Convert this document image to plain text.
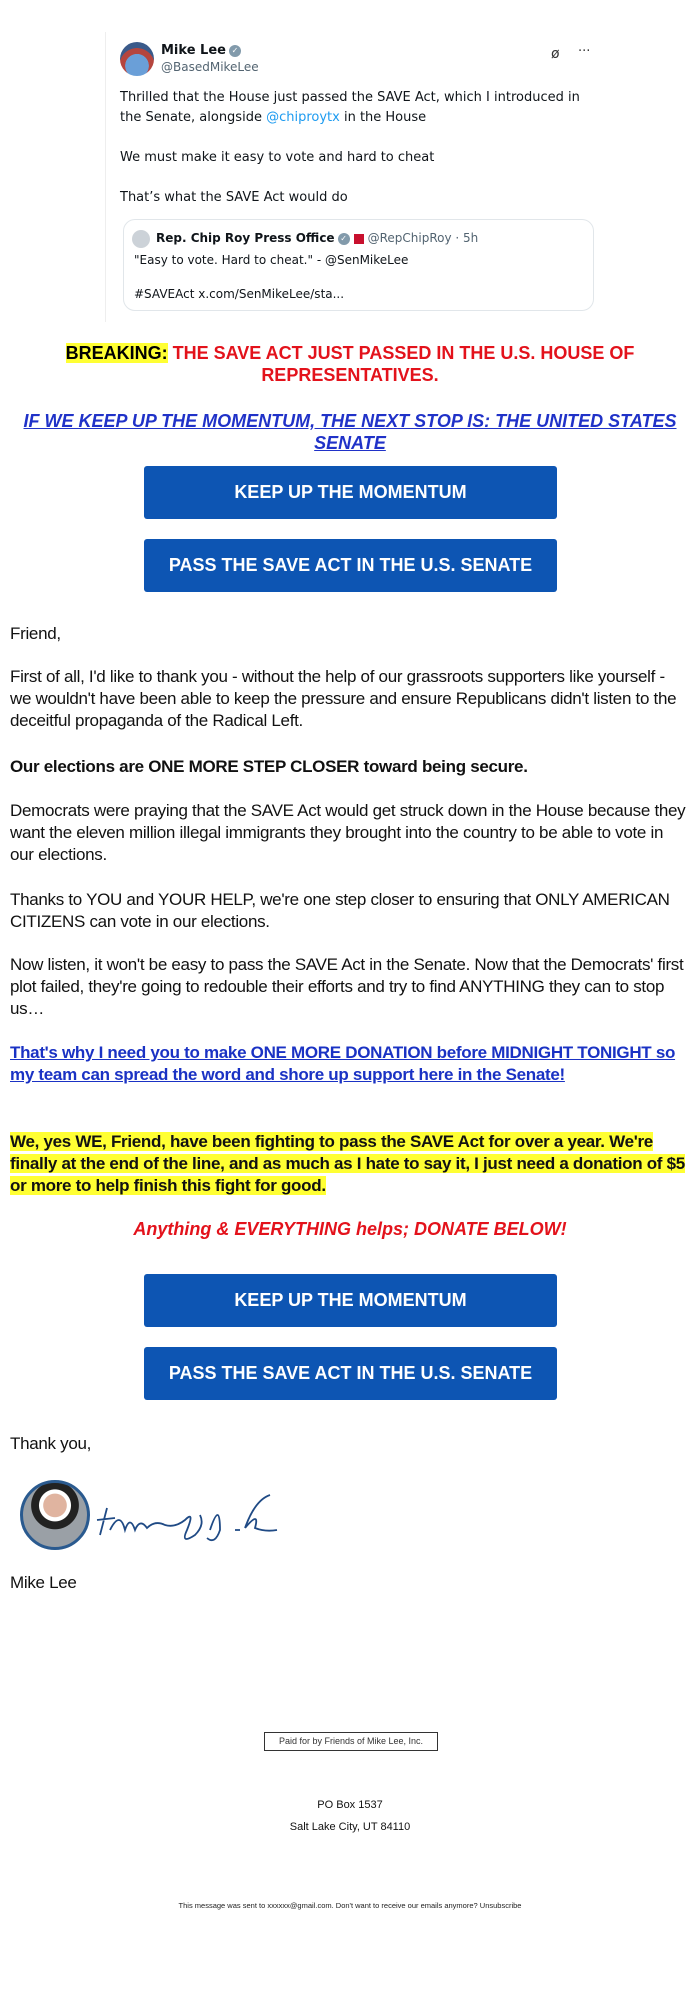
Mike Lee ✓
@BasedMikeLee
ø ···

Thrilled that the House just passed the SAVE Act, which I introduced in the Senate, alongside @chiproytx in the House

We must make it easy to vote and hard to cheat

That’s what the SAVE Act would do

Rep. Chip Roy Press Office ✓ @RepChipRoy · 5h
"Easy to vote. Hard to cheat." - @SenMikeLee
#SAVEAct x.com/SenMikeLee/sta...
BREAKING: THE SAVE ACT JUST PASSED IN THE U.S. HOUSE OF REPRESENTATIVES.
IF WE KEEP UP THE MOMENTUM, THE NEXT STOP IS: THE UNITED STATES SENATE
KEEP UP THE MOMENTUM
PASS THE SAVE ACT IN THE U.S. SENATE
Friend,
First of all, I'd like to thank you - without the help of our grassroots supporters like yourself - we wouldn't have been able to keep the pressure and ensure Republicans didn't listen to the deceitful propaganda of the Radical Left.
Our elections are ONE MORE STEP CLOSER toward being secure.
Democrats were praying that the SAVE Act would get struck down in the House because they want the eleven million illegal immigrants they brought into the country to be able to vote in our elections.
Thanks to YOU and YOUR HELP, we're one step closer to ensuring that ONLY AMERICAN CITIZENS can vote in our elections.
Now listen, it won't be easy to pass the SAVE Act in the Senate. Now that the Democrats' first plot failed, they're going to redouble their efforts and try to find ANYTHING they can to stop us…
That's why I need you to make ONE MORE DONATION before MIDNIGHT TONIGHT so my team can spread the word and shore up support here in the Senate!
We, yes WE, Friend, have been fighting to pass the SAVE Act for over a year. We're finally at the end of the line, and as much as I hate to say it, I just need a donation of $5 or more to help finish this fight for good.
Anything & EVERYTHING helps; DONATE BELOW!
KEEP UP THE MOMENTUM
PASS THE SAVE ACT IN THE U.S. SENATE
Thank you,
Mike Lee
Paid for by Friends of Mike Lee, Inc.
PO Box 1537
Salt Lake City, UT 84110
This message was sent to xxxxxx@gmail.com. Don't want to receive our emails anymore? Unsubscribe
